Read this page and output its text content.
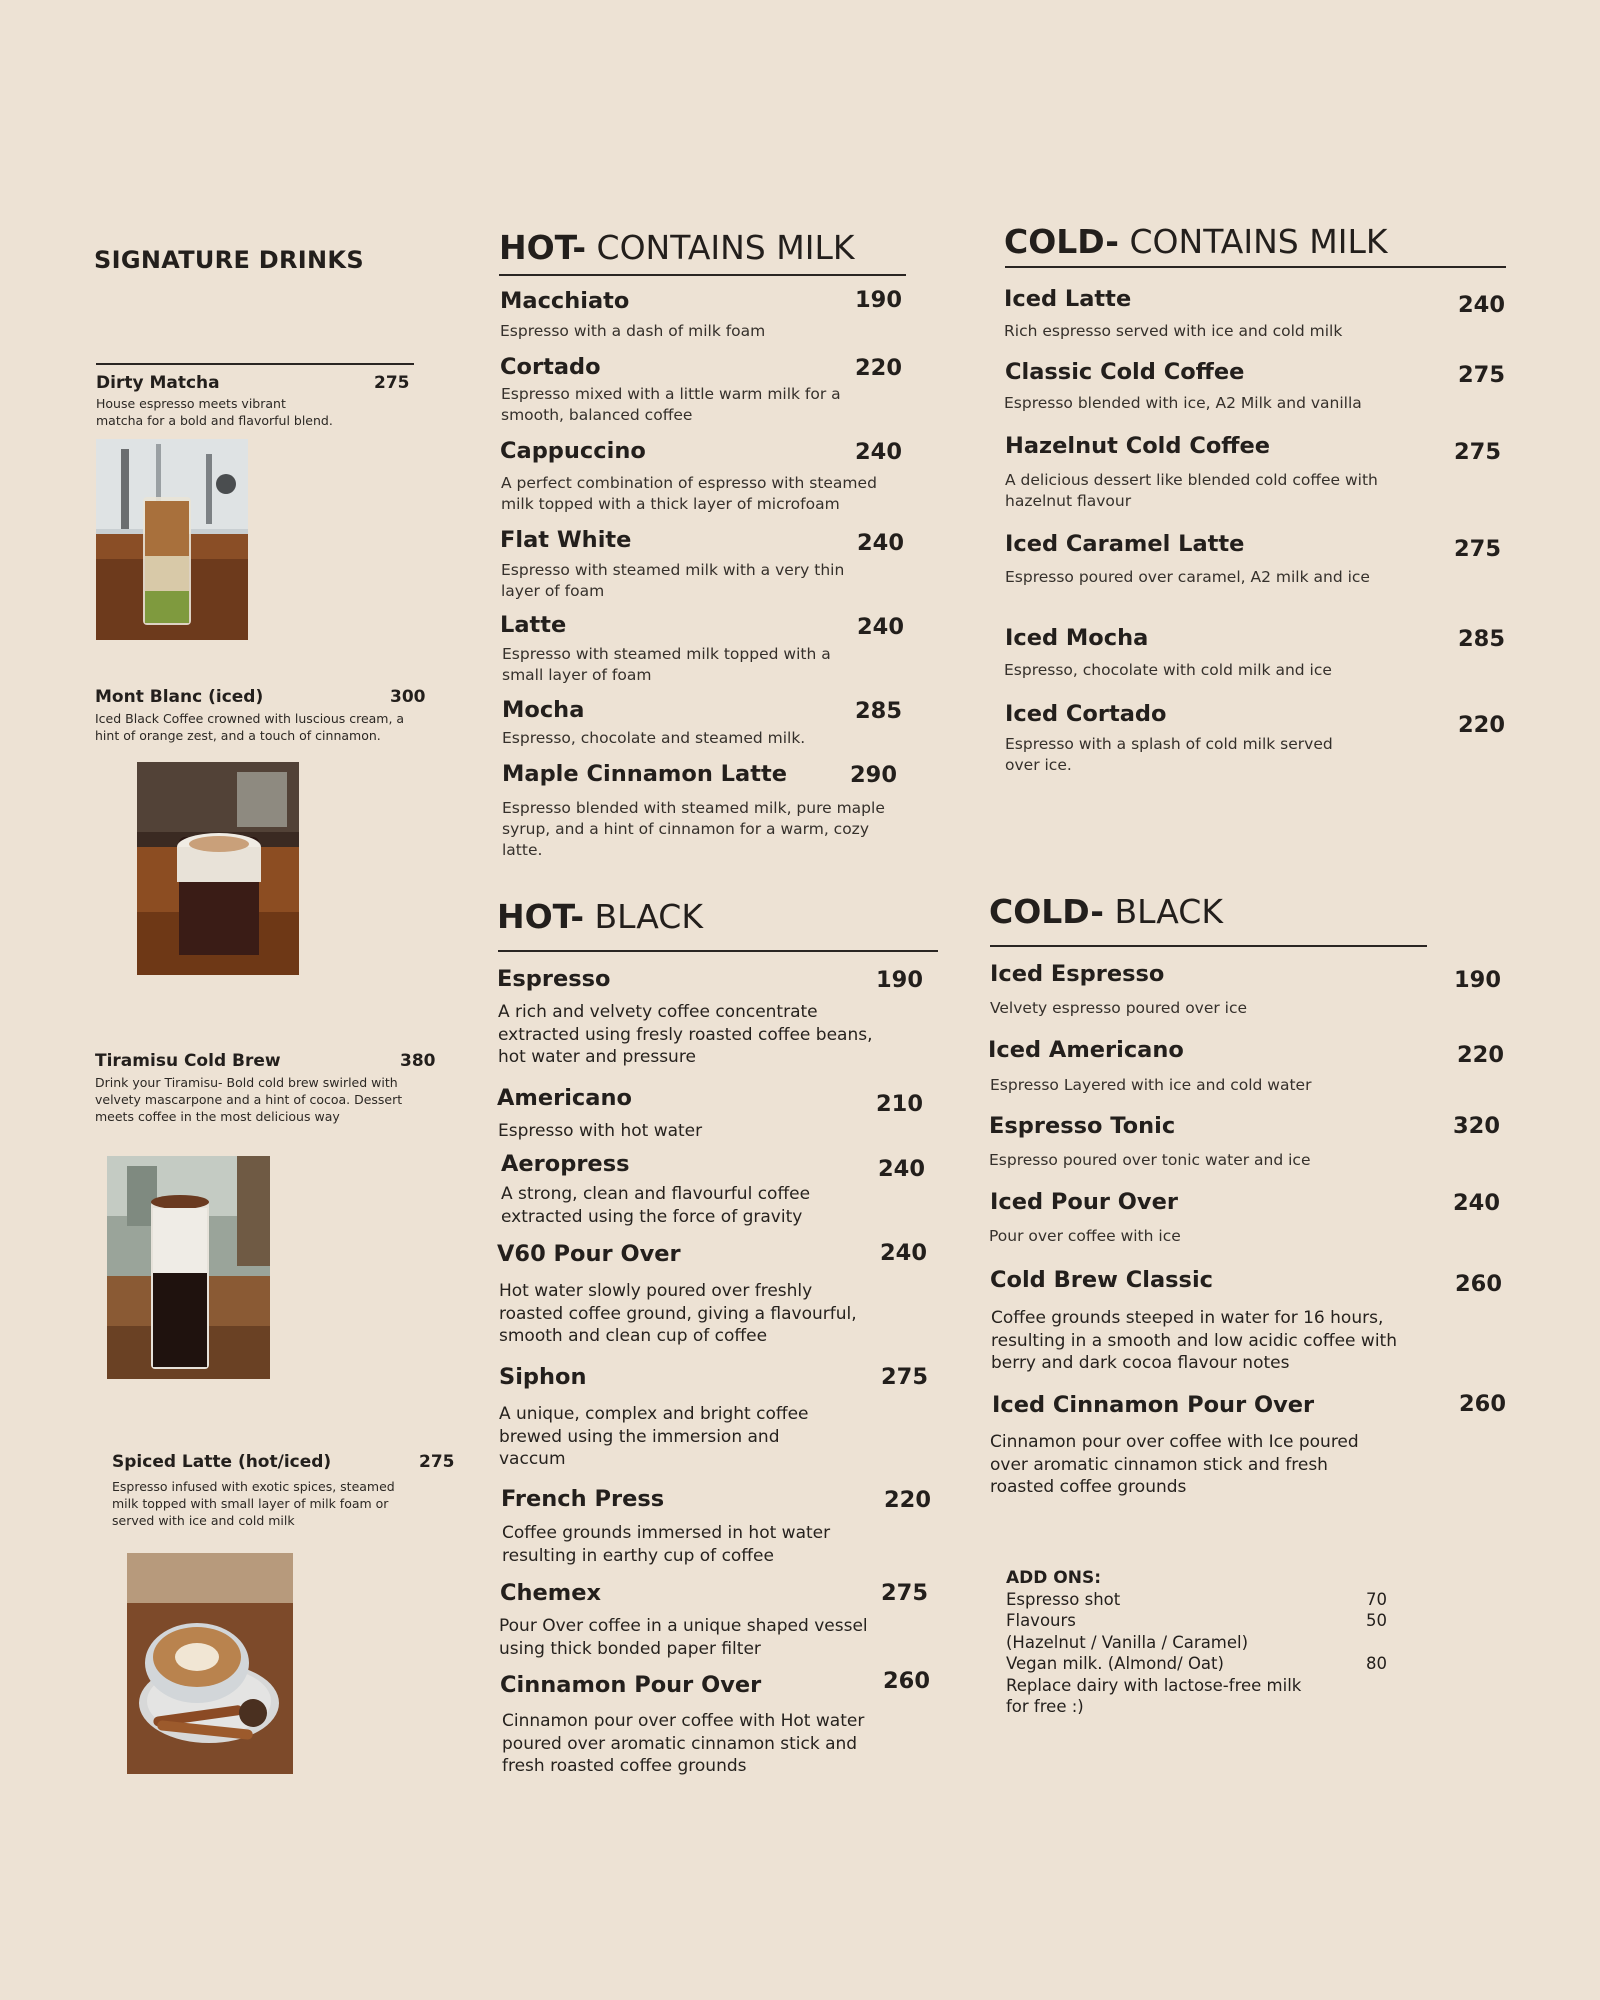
SIGNATURE DRINKS
Dirty Matcha	275
House espresso meets vibrant matcha for a bold and flavorful blend.
Mont Blanc (iced)	300
Iced Black Coffee crowned with luscious cream, a hint of orange zest, and a touch of cinnamon.
Tiramisu Cold Brew	380
Drink your Tiramisu- Bold cold brew swirled with velvety mascarpone and a hint of cocoa. Dessert meets coffee in the most delicious way
Spiced Latte (hot/iced)	275
Espresso infused with exotic spices, steamed milk topped with small layer of milk foam or served with ice and cold milk
HOT- CONTAINS MILK
Macchiato	190
Espresso with a dash of milk foam
Cortado	220
Espresso mixed with a little warm milk for a smooth, balanced coffee
Cappuccino	240
A perfect combination of espresso with steamed milk topped with a thick layer of microfoam
Flat White	240
Espresso with steamed milk with a very thin layer of foam
Latte	240
Espresso with steamed milk topped with a small layer of foam
Mocha	285
Espresso, chocolate and steamed milk.
Maple Cinnamon Latte	290
Espresso blended with steamed milk, pure maple syrup, and a hint of cinnamon for a warm, cozy latte.
COLD- CONTAINS MILK
Iced Latte	240
Rich espresso served with ice and cold milk
Classic Cold Coffee	275
Espresso blended with ice, A2 Milk and vanilla
Hazelnut Cold Coffee	275
A delicious dessert like blended cold coffee with hazelnut flavour
Iced Caramel Latte	275
Espresso poured over caramel, A2 milk and ice
Iced Mocha	285
Espresso, chocolate with cold milk and ice
Iced Cortado	220
Espresso with a splash of cold milk served over ice.
HOT- BLACK
Espresso	190
A rich and velvety coffee concentrate extracted using fresly roasted coffee beans, hot water and pressure
Americano	210
Espresso with hot water
Aeropress	240
A strong, clean and flavourful coffee extracted using the force of gravity
V60 Pour Over	240
Hot water slowly poured over freshly roasted coffee ground, giving a flavourful, smooth and clean cup of coffee
Siphon	275
A unique, complex and bright coffee brewed using the immersion and vaccum
French Press	220
Coffee grounds immersed in hot water resulting in earthy cup of coffee
Chemex	275
Pour Over coffee in a unique shaped vessel using thick bonded paper filter
Cinnamon Pour Over	260
Cinnamon pour over coffee with Hot water poured over aromatic cinnamon stick and fresh roasted coffee grounds
COLD- BLACK
Iced Espresso	190
Velvety espresso poured over ice
Iced Americano	220
Espresso Layered with ice and cold water
Espresso Tonic	320
Espresso poured over tonic water and ice
Iced Pour Over	240
Pour over coffee with ice
Cold Brew Classic	260
Coffee grounds steeped in water for 16 hours, resulting in a smooth and low acidic coffee with berry and dark cocoa flavour notes
Iced Cinnamon Pour Over	260
Cinnamon pour over coffee with Ice poured over aromatic cinnamon stick and fresh roasted coffee grounds
ADD ONS:
Espresso shot	70
Flavours	50
(Hazelnut / Vanilla / Caramel)
Vegan milk. (Almond/ Oat)	80
Replace dairy with lactose-free milk
for free :)
